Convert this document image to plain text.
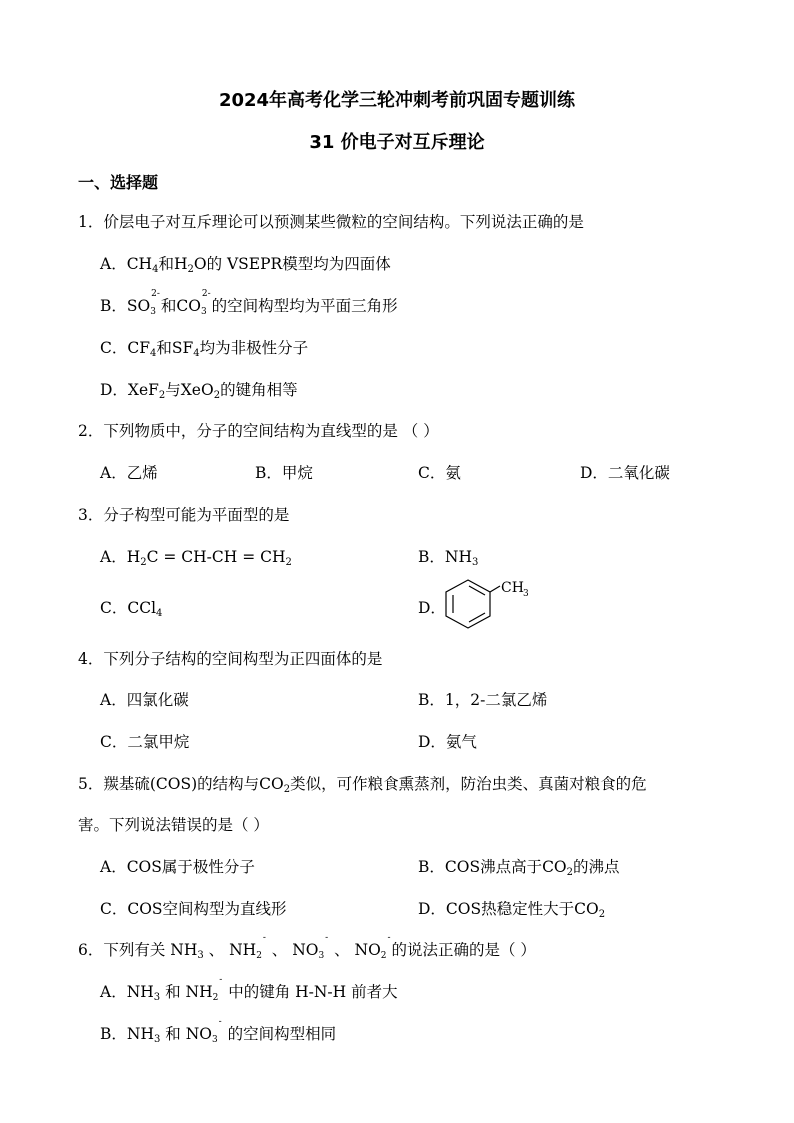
2024年高考化学三轮冲刺考前巩固专题训练
31 价电子对互斥理论
一、选择题
1．价层电子对互斥理论可以预测某些微粒的空间结构。下列说法正确的是
A．$CH_4$和$H_2O$的 VSEPR模型均为四面体
B．SO3
2-
和CO3
2-
的空间构型均为平面三角形
C．$CF_4$和$SF_4$均为非极性分子
D．XeF$_2$与XeO$_2$的键角相等
2．下列物质中，分子的空间结构为直线型的是 （ ）
A．乙烯	B．甲烷	C．氨	D．二氧化碳
3．分子构型可能为平面型的是
A．$H_2C = CH-CH = CH_2$	B．$NH_3$
C．CCl$_4$	D．
CH 3
4．下列分子结构的空间构型为正四面体的是
A．四氯化碳	B．1，2-二氯乙烯
C．二氯甲烷	D．氨气
5．羰基硫(COS)的结构与$CO_2$类似，可作粮食熏蒸剂，防治虫类、真菌对粮食的危
害。下列说法错误的是（ ）
A．COS属于极性分子	B．COS沸点高于$CO_2$的沸点
C．COS空间构型为直线形	D．COS热稳定性大于$CO_2$
6．下列有关 $NH_3$ 、 NH2
-
、 NO3
-
、 NO2
-
的说法正确的是（ ）
A．$NH_3$ 和 NH2
-
中的键角 H-N-H 前者大
B．$NH_3$ 和 NO3
-
的空间构型相同
